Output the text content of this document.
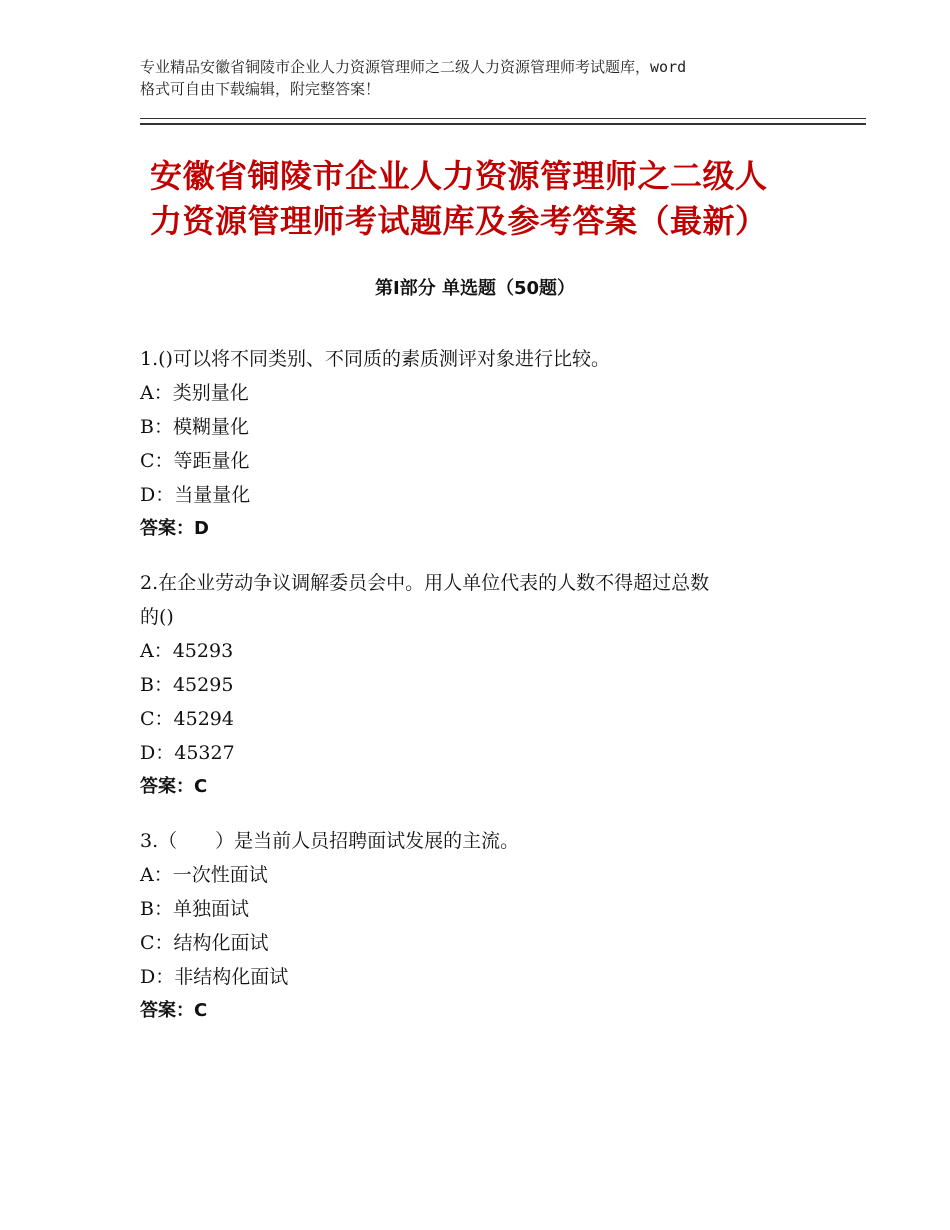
专业精品安徽省铜陵市企业人力资源管理师之二级人力资源管理师考试题库，word
格式可自由下载编辑，附完整答案！
安徽省铜陵市企业人力资源管理师之二级人
力资源管理师考试题库及参考答案（最新）
第Ⅰ部分 单选题（50题）
1.()可以将不同类别、不同质的素质测评对象进行比较。
A：类别量化
B：模糊量化
C：等距量化
D：当量量化
答案：D
2.在企业劳动争议调解委员会中。用人单位代表的人数不得超过总数
的()
A：45293
B：45295
C：45294
D：45327
答案：C
3.（　　）是当前人员招聘面试发展的主流。
A：一次性面试
B：单独面试
C：结构化面试
D：非结构化面试
答案：C
